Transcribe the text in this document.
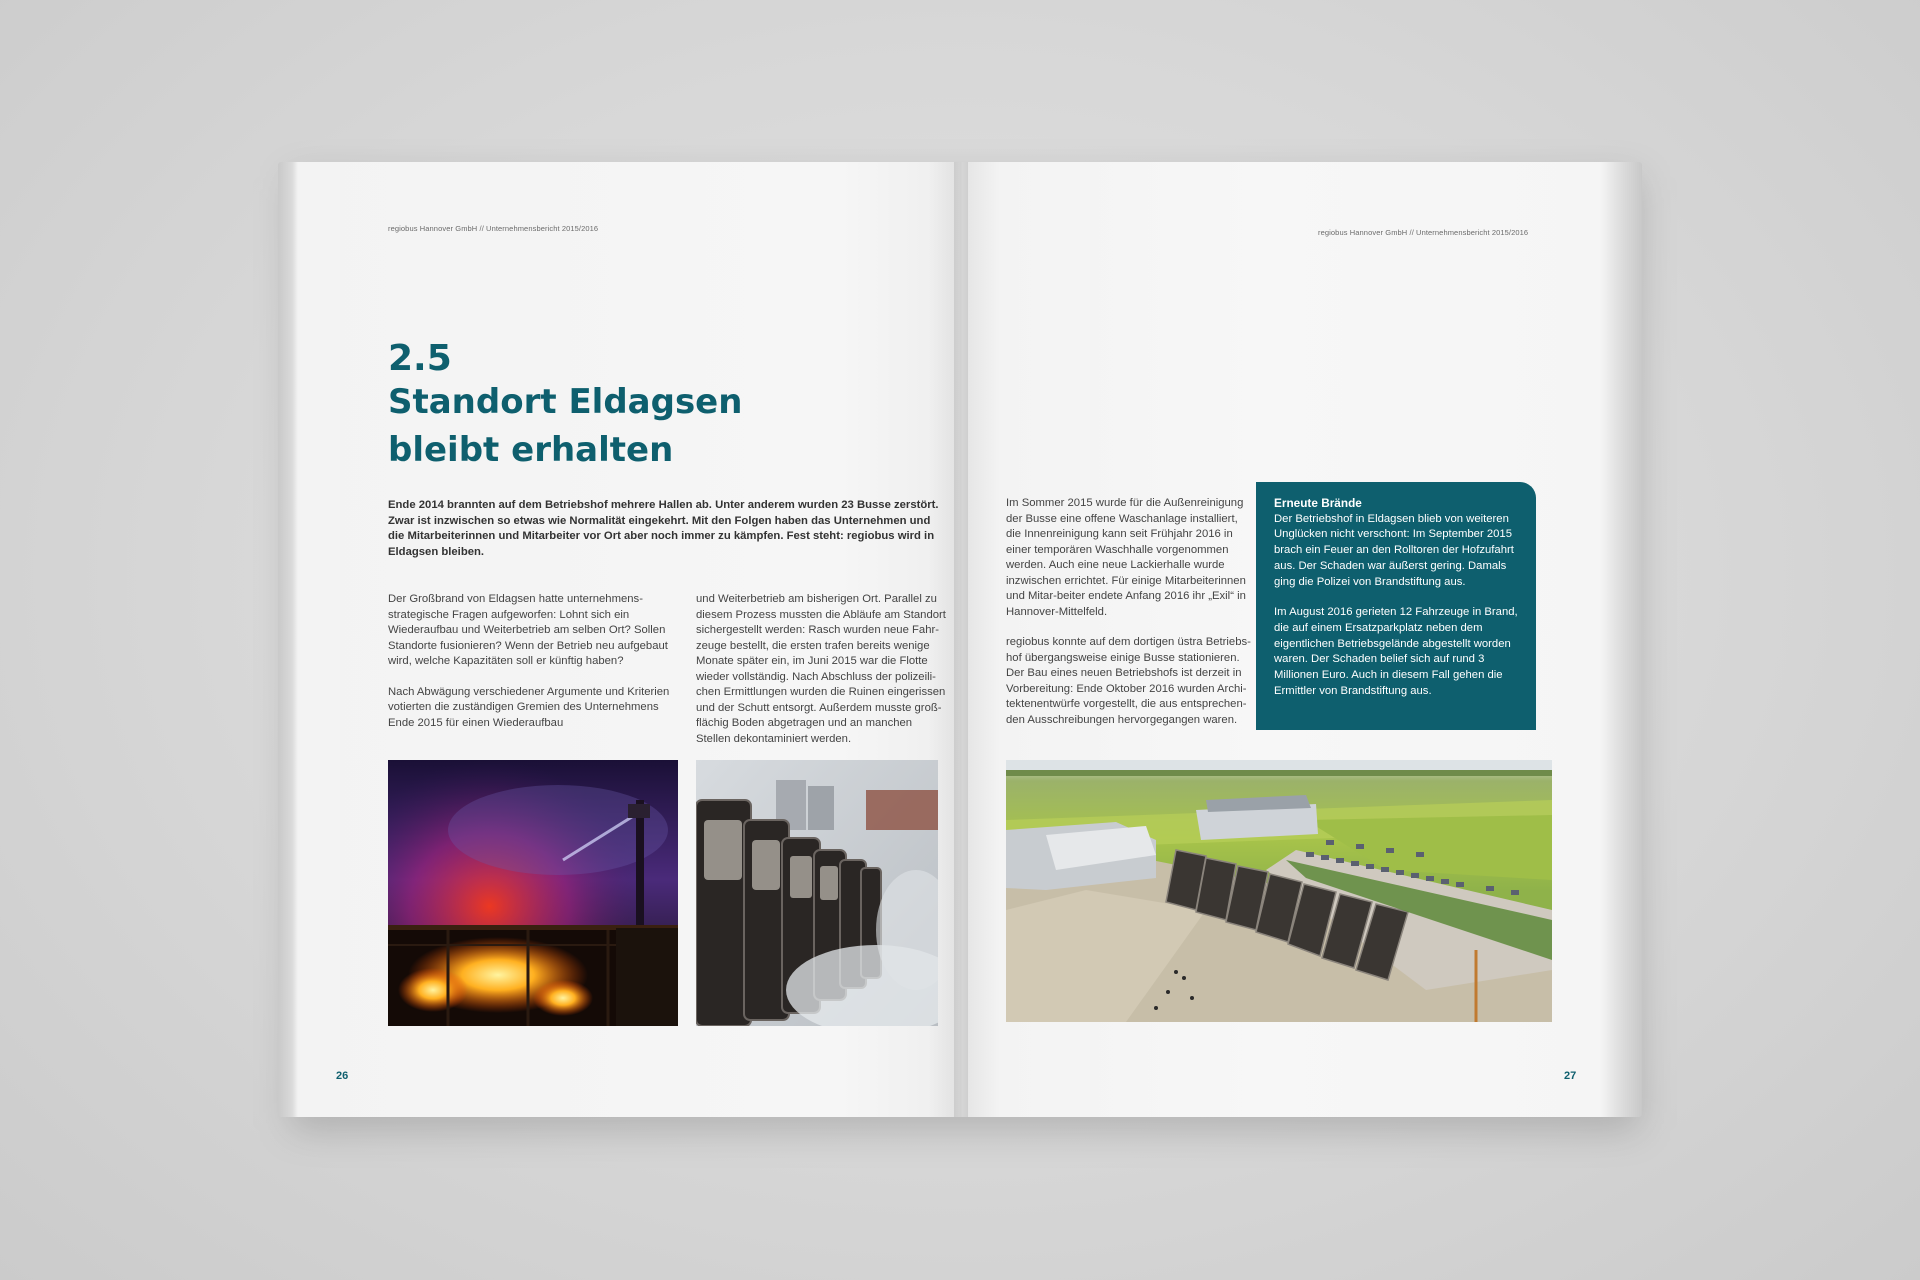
regiobus Hannover GmbH // Unternehmensbericht 2015/2016
2.5
Standort Eldagsen
bleibt erhalten

Ende 2014 brannten auf dem Betriebshof mehrere Hallen ab. Unter anderem wurden 23 Busse zerstört. Zwar ist inzwischen so etwas wie Normalität eingekehrt. Mit den Folgen haben das Unternehmen und die Mitarbeiterinnen und Mitarbeiter vor Ort aber noch immer zu kämpfen. Fest steht: regiobus wird in Eldagsen bleiben.

Der Großbrand von Eldagsen hatte unternehmens-strategische Fragen aufgeworfen: Lohnt sich ein Wiederaufbau und Weiterbetrieb am selben Ort? Sollen Standorte fusionieren? Wenn der Betrieb neu aufgebaut wird, welche Kapazitäten soll er künftig haben?

Nach Abwägung verschiedener Argumente und Kriterien votierten die zuständigen Gremien des Unternehmens Ende 2015 für einen Wiederaufbau

und Weiterbetrieb am bisherigen Ort. Parallel zu diesem Prozess mussten die Abläufe am Standort sichergestellt werden: Rasch wurden neue Fahr-zeuge bestellt, die ersten trafen bereits wenige Monate später ein, im Juni 2015 war die Flotte wieder vollständig. Nach Abschluss der polizeili-chen Ermittlungen wurden die Ruinen eingerissen und der Schutt entsorgt. Außerdem musste groß-flächig Boden abgetragen und an manchen Stellen dekontaminiert werden.

26
regiobus Hannover GmbH // Unternehmensbericht 2015/2016

Im Sommer 2015 wurde für die Außenreinigung der Busse eine offene Waschanlage installiert, die Innenreinigung kann seit Frühjahr 2016 in einer temporären Waschhalle vorgenommen werden. Auch eine neue Lackierhalle wurde inzwischen errichtet. Für einige Mitarbeiterinnen und Mitar-beiter endete Anfang 2016 ihr „Exil“ in Hannover-Mittelfeld.

regiobus konnte auf dem dortigen üstra Betriebs-hof übergangsweise einige Busse stationieren. Der Bau eines neuen Betriebshofs ist derzeit in Vorbereitung: Ende Oktober 2016 wurden Archi-tektenentwürfe vorgestellt, die aus entsprechen-den Ausschreibungen hervorgegangen waren.

27
Erneute Brände

Der Betriebshof in Eldagsen blieb von weiteren Unglücken nicht verschont: Im September 2015 brach ein Feuer an den Rolltoren der Hofzufahrt aus. Der Schaden war äußerst gering. Damals ging die Polizei von Brandstiftung aus.

Im August 2016 gerieten 12 Fahrzeuge in Brand, die auf einem Ersatzparkplatz neben dem eigentlichen Betriebsgelände abgestellt worden waren. Der Schaden belief sich auf rund 3 Millionen Euro. Auch in diesem Fall gehen die Ermittler von Brandstiftung aus.
